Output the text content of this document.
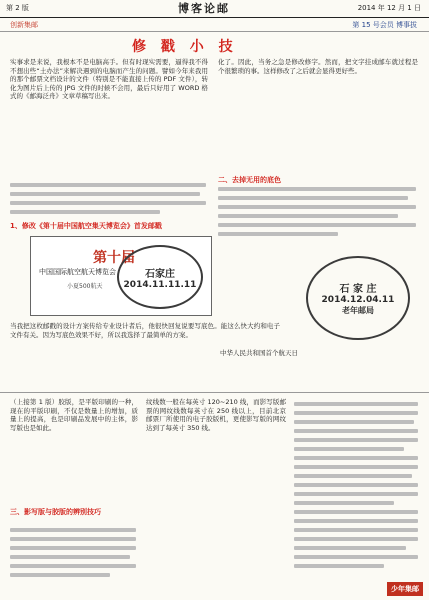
第 2 版	博客论邮	2014 年 12 月 1 日
创新集邮	第 15 号会员 博事拔
修 戳 小 技
实事求是来说，我根本不是电脑高手。但有时现实需要，逼得我不得不想出些“土办法”来解决遇到的电脑而产生的问题。譬如今年来我用的那个邮票文档设计的文件（特别是不能直接上传的 PDF 文件），转化为图片后上传的 JPG 文件的时候不会用，最后只好用了 WORD 格式的《邮海泛舟》文章草稿写出来。
化了。因此，当务之急是修改修字。然而，把文字挂成邮车就过程是个很繁琐的事。这样修改了之后就会显得更好些。
二、去掉无用的底色
1、修改《第十届中国航空集天博览会》首发邮戳
第十届
中国国际航空航天博览会
小夏500航天
石家庄
2014.11.11.11	石 家 庄
2014.12.04.11
老年邮局
中华人民共和国首个航天日
当我把这枚邮戳的设计方案传给专业设计者后，他很快回复说要写底色。能这么快大约和电子文件有关。因为写底色效果不好，所以我选择了最简单的方案。
（上接第 1 版）胶版，是平版印刷的一种，现在的平版印刷，不仅是数量上的增加，质量上的提高，也是印刷品发展中的主体，影写版也是如此。
三、影写版与胶版的辨别技巧
纹线数一般在每英寸 120~210 线，而影写版邮票的网纹线数每英寸在 250 线以上，目前北京邮票厂所使用的电子胶版机，更使影写版的网纹达到了每英寸 350 线。
少年集邮
